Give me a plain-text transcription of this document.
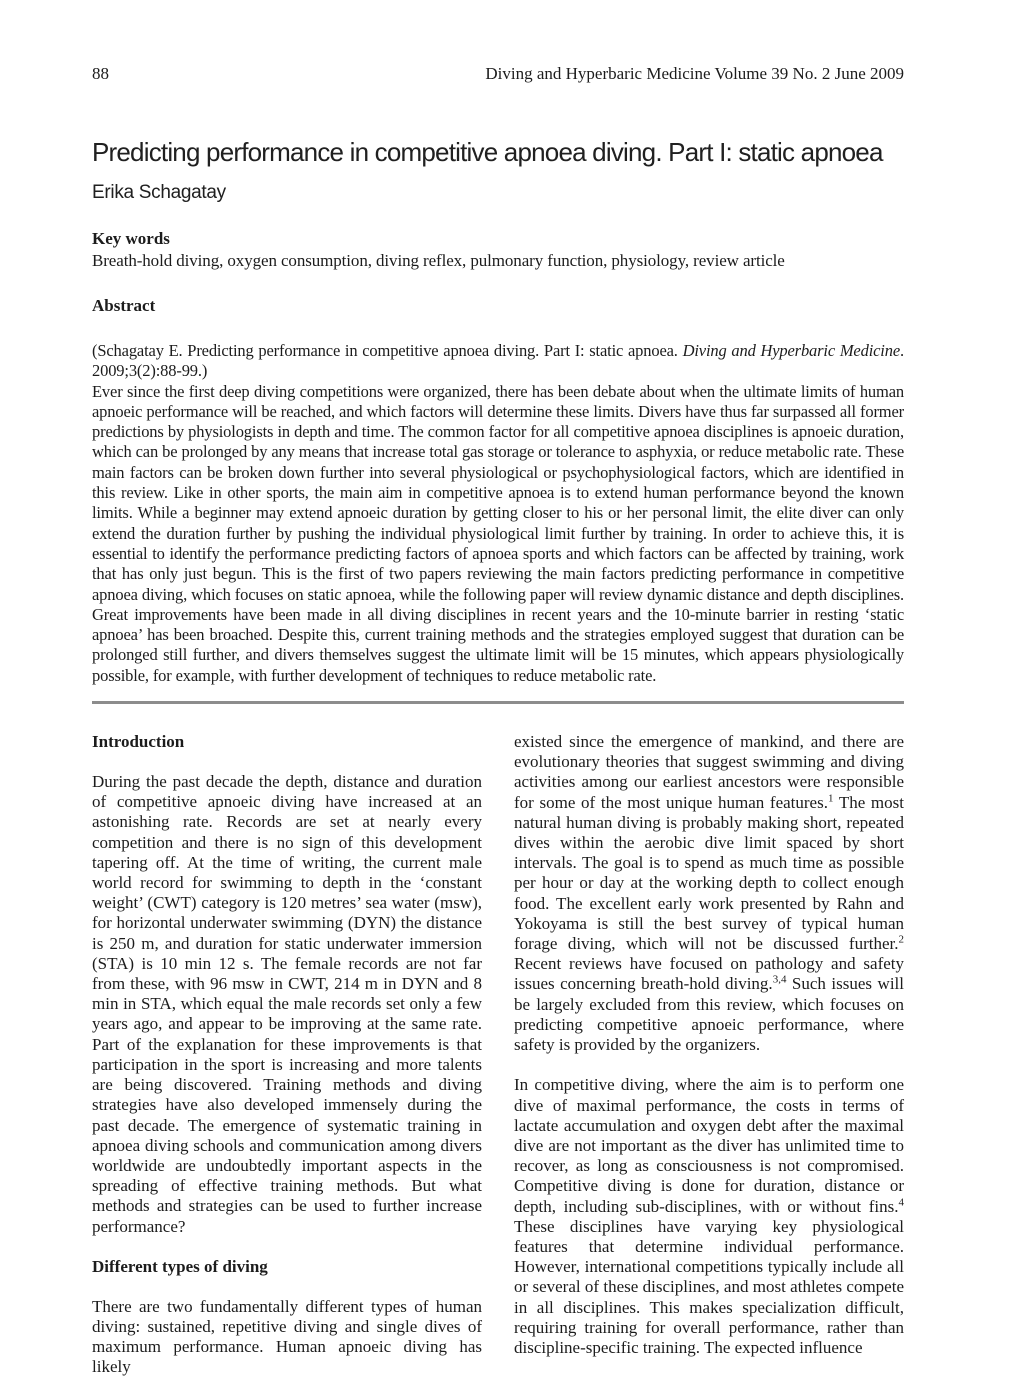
88	Diving and Hyperbaric Medicine Volume 39 No. 2 June 2009
Predicting performance in competitive apnoea diving. Part I: static apnoea
Erika Schagatay
Key words
Breath-hold diving, oxygen consumption, diving reflex, pulmonary function, physiology, review article
Abstract
(Schagatay E. Predicting performance in competitive apnoea diving. Part I: static apnoea. Diving and Hyperbaric Medicine. 2009;3(2):88-99.)
Ever since the first deep diving competitions were organized, there has been debate about when the ultimate limits of human apnoeic performance will be reached, and which factors will determine these limits. Divers have thus far surpassed all former predictions by physiologists in depth and time. The common factor for all competitive apnoea disciplines is apnoeic duration, which can be prolonged by any means that increase total gas storage or tolerance to asphyxia, or reduce metabolic rate. These main factors can be broken down further into several physiological or psychophysiological factors, which are identified in this review. Like in other sports, the main aim in competitive apnoea is to extend human performance beyond the known limits. While a beginner may extend apnoeic duration by getting closer to his or her personal limit, the elite diver can only extend the duration further by pushing the individual physiological limit further by training. In order to achieve this, it is essential to identify the performance predicting factors of apnoea sports and which factors can be affected by training, work that has only just begun. This is the first of two papers reviewing the main factors predicting performance in competitive apnoea diving, which focuses on static apnoea, while the following paper will review dynamic distance and depth disciplines. Great improvements have been made in all diving disciplines in recent years and the 10-minute barrier in resting ‘static apnoea’ has been broached. Despite this, current training methods and the strategies employed suggest that duration can be prolonged still further, and divers themselves suggest the ultimate limit will be 15 minutes, which appears physiologically possible, for example, with further development of techniques to reduce metabolic rate.
Introduction

During the past decade the depth, distance and duration of competitive apnoeic diving have increased at an astonishing rate. Records are set at nearly every competition and there is no sign of this development tapering off. At the time of writing, the current male world record for swimming to depth in the ‘constant weight’ (CWT) category is 120 metres’ sea water (msw), for horizontal underwater swimming (DYN) the distance is 250 m, and duration for static underwater immersion (STA) is 10 min 12 s. The female records are not far from these, with 96 msw in CWT, 214 m in DYN and 8 min in STA, which equal the male records set only a few years ago, and appear to be improving at the same rate. Part of the explanation for these improvements is that participation in the sport is increasing and more talents are being discovered. Training methods and diving strategies have also developed immensely during the past decade. The emergence of systematic training in apnoea diving schools and communication among divers worldwide are undoubtedly important aspects in the spreading of effective training methods. But what methods and strategies can be used to further increase performance?

Different types of diving

There are two fundamentally different types of human diving: sustained, repetitive diving and single dives of maximum performance. Human apnoeic diving has likely

existed since the emergence of mankind, and there are evolutionary theories that suggest swimming and diving activities among our earliest ancestors were responsible for some of the most unique human features.$^1$ The most natural human diving is probably making short, repeated dives within the aerobic dive limit spaced by short intervals. The goal is to spend as much time as possible per hour or day at the working depth to collect enough food. The excellent early work presented by Rahn and Yokoyama is still the best survey of typical human forage diving, which will not be discussed further.$^2$ Recent reviews have focused on pathology and safety issues concerning breath-hold diving.$^{3,4}$ Such issues will be largely excluded from this review, which focuses on predicting competitive apnoeic performance, where safety is provided by the organizers.

In competitive diving, where the aim is to perform one dive of maximal performance, the costs in terms of lactate accumulation and oxygen debt after the maximal dive are not important as the diver has unlimited time to recover, as long as consciousness is not compromised. Competitive diving is done for duration, distance or depth, including sub-disciplines, with or without fins.$^4$ These disciplines have varying key physiological features that determine individual performance. However, international competitions typically include all or several of these disciplines, and most athletes compete in all disciplines. This makes specialization difficult, requiring training for overall performance, rather than discipline-specific training. The expected influence
